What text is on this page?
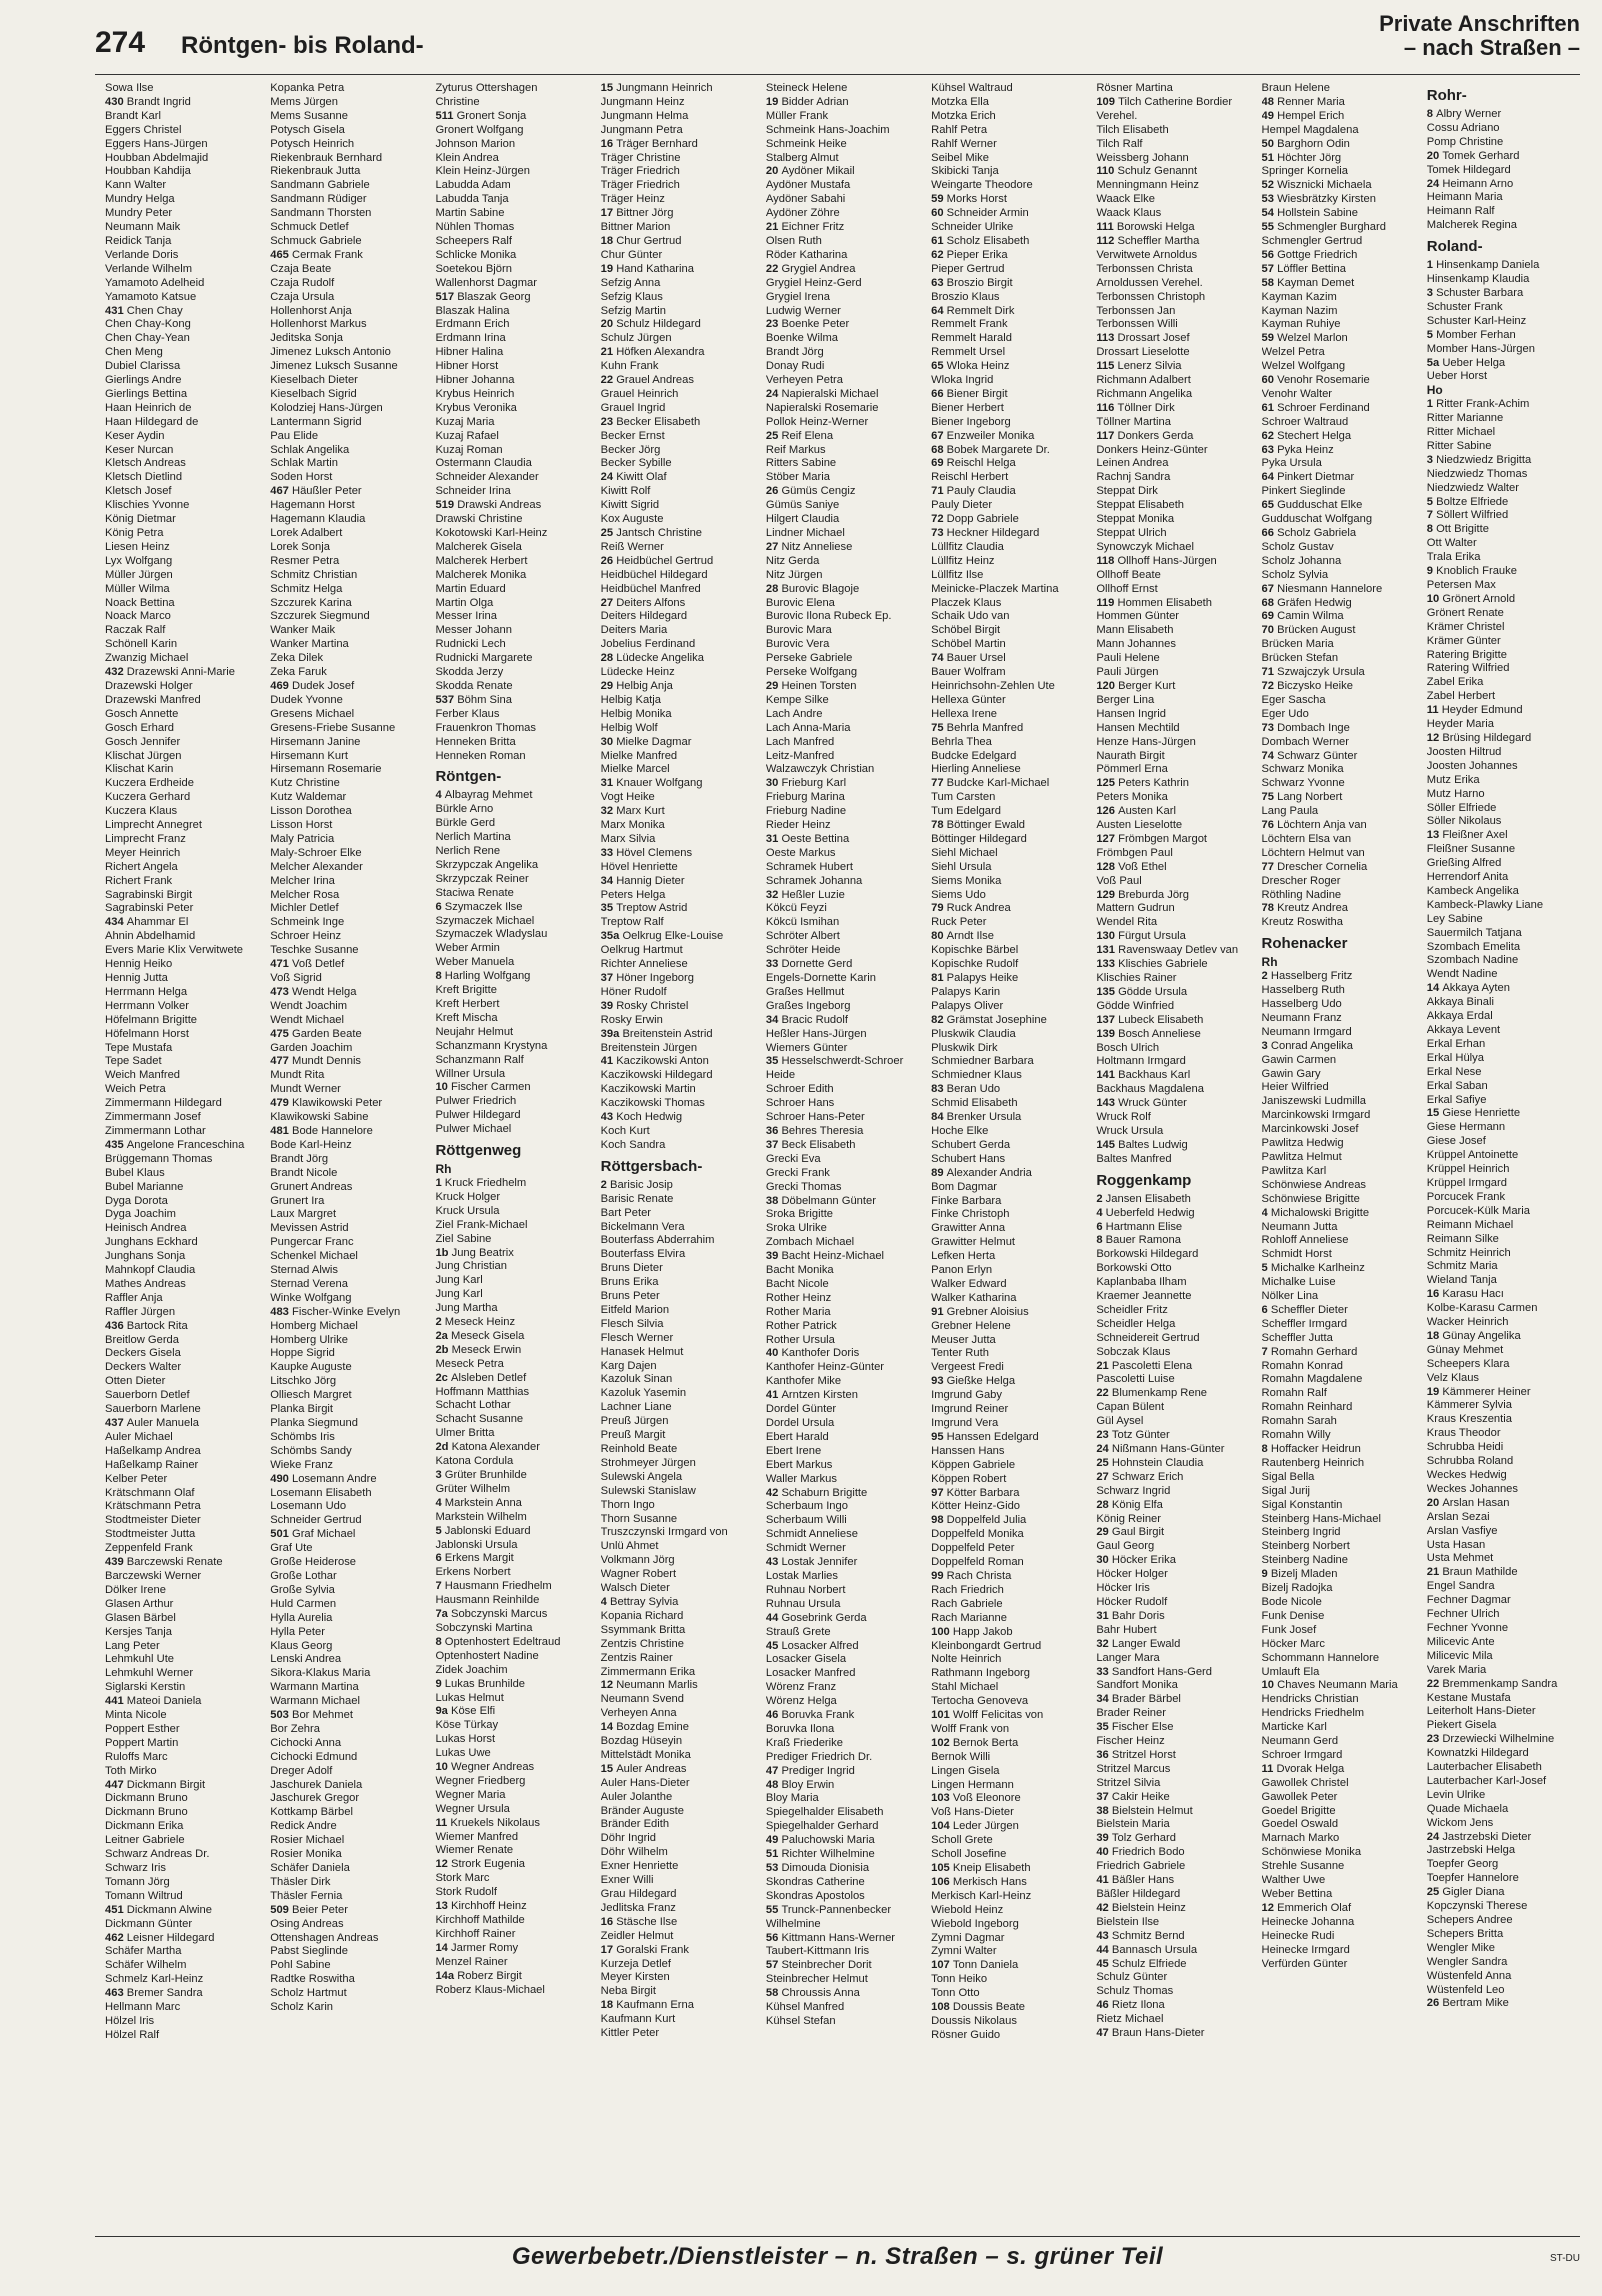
274 Röntgen- bis Roland-
Private Anschriften
– nach Straßen –
Sowa Ilse
430 Brandt Ingrid
Brandt Karl
Eggers Christel
Eggers Hans-Jürgen
Houbban Abdelmajid
Houbban Kahdija
Kann Walter
Mundry Helga
Mundry Peter
Neumann Maik
Reidick Tanja
Verlande Doris
Verlande Wilhelm
Yamamoto Adelheid
Yamamoto Katsue
431 Chen Chay
Chen Chay-Kong
Chen Chay-Yean
Chen Meng
Dubiel Clarissa
Gierlings Andre
Gierlings Bettina
Haan Heinrich de
Haan Hildegard de
Keser Aydin
Keser Nurcan
Kletsch Andreas
Kletsch Dietlind
Kletsch Josef
Klischies Yvonne
König Dietmar
König Petra
Liesen Heinz
Lyx Wolfgang
Müller Jürgen
Müller Wilma
Noack Bettina
Noack Marco
Raczak Ralf
Schönell Karin
Zwanzig Michael
432 Drazewski Anni-Marie
Drazewski Holger
Drazewski Manfred
Gosch Annette
Gosch Erhard
Gosch Jennifer
Klischat Jürgen
Klischat Karin
Kuczera Erdheide
Kuczera Gerhard
Kuczera Klaus
Limprecht Annegret
Limprecht Franz
Meyer Heinrich
Richert Angela
Richert Frank
Sagrabinski Birgit
Sagrabinski Peter
434 Ahammar El
Ahnin Abdelhamid
Evers Marie Klix Verwitwete
Hennig Heiko
Hennig Jutta
Herrmann Helga
Herrmann Volker
Höfelmann Brigitte
Höfelmann Horst
Tepe Mustafa
Tepe Sadet
Weich Manfred
Weich Petra
Zimmermann Hildegard
Zimmermann Josef
Zimmermann Lothar
435 Angelone Franceschina
Brüggemann Thomas
Bubel Klaus
Bubel Marianne
Dyga Dorota
Dyga Joachim
Heinisch Andrea
Junghans Eckhard
Junghans Sonja
Mahnkopf Claudia
Mathes Andreas
Raffler Anja
Raffler Jürgen
436 Bartock Rita
Breitlow Gerda
Deckers Gisela
Deckers Walter
Otten Dieter
Sauerborn Detlef
Sauerborn Marlene
437 Auler Manuela
Auler Michael
Haßelkamp Andrea
Haßelkamp Rainer
Kelber Peter
Krätschmann Olaf
Krätschmann Petra
Stodtmeister Dieter
Stodtmeister Jutta
Zeppenfeld Frank
439 Barczewski Renate
Barczewski Werner
Dölker Irene
Glasen Arthur
Glasen Bärbel
Kersjes Tanja
Lang Peter
Lehmkuhl Ute
Lehmkuhl Werner
Siglarski Kerstin
441 Mateoi Daniela
Minta Nicole
Poppert Esther
Poppert Martin
Ruloffs Marc
Toth Mirko
447 Dickmann Birgit
Dickmann Bruno
Dickmann Bruno
Dickmann Erika
Leitner Gabriele
Schwarz Andreas Dr.
Schwarz Iris
Tomann Jörg
Tomann Wiltrud
451 Dickmann Alwine
Dickmann Günter
462 Leisner Hildegard
Schäfer Martha
Schäfer Wilhelm
Schmelz Karl-Heinz
463 Bremer Sandra
Hellmann Marc
Hölzel Iris
Hölzel Ralf
Kopanka Petra
Mems Jürgen
Mems Susanne
Potysch Gisela
Potysch Heinrich
Riekenbrauk Bernhard
Riekenbrauk Jutta
Sandmann Gabriele
Sandmann Rüdiger
Sandmann Thorsten
Schmuck Detlef
Schmuck Gabriele
465 Cermak Frank
Czaja Beate
Czaja Rudolf
Czaja Ursula
Hollenhorst Anja
Hollenhorst Markus
Jeditska Sonja
Jimenez Luksch Antonio
Jimenez Luksch Susanne
Kieselbach Dieter
Kieselbach Sigrid
Kolodziej Hans-Jürgen
Lantermann Sigrid
Pau Elide
Schlak Angelika
Schlak Martin
Soden Horst
467 Häußler Peter
Hagemann Horst
Hagemann Klaudia
Lorek Adalbert
Lorek Sonja
Resmer Petra
Schmitz Christian
Schmitz Helga
Szczurek Karina
Szczurek Siegmund
Wanker Maik
Wanker Martina
Zeka Dilek
Zeka Faruk
469 Dudek Josef
Dudek Yvonne
Gresens Michael
Gresens-Friebe Susanne
Hirsemann Janine
Hirsemann Kurt
Hirsemann Rosemarie
Kutz Christine
Kutz Waldemar
Lisson Dorothea
Lisson Horst
Maly Patricia
Maly-Schroer Elke
Melcher Alexander
Melcher Irina
Melcher Rosa
Michler Detlef
Schmeink Inge
Schroer Heinz
Teschke Susanne
471 Voß Detlef
Voß Sigrid
473 Wendt Helga
Wendt Joachim
Wendt Michael
475 Garden Beate
Garden Joachim
477 Mundt Dennis
Mundt Rita
Mundt Werner
479 Klawikowski Peter
Klawikowski Sabine
481 Bode Hannelore
Bode Karl-Heinz
Brandt Jörg
Brandt Nicole
Grunert Andreas
Grunert Ira
Laux Margret
Mevissen Astrid
Pungercar Franc
Schenkel Michael
Sternad Alwis
Sternad Verena
Winke Wolfgang
483 Fischer-Winke Evelyn
Homberg Michael
Homberg Ulrike
Hoppe Sigrid
Kaupke Auguste
Litschko Jörg
Olliesch Margret
Planka Birgit
Planka Siegmund
Schömbs Iris
Schömbs Sandy
Wieke Franz
490 Losemann Andre
Losemann Elisabeth
Losemann Udo
Schneider Gertrud
501 Graf Michael
Graf Ute
Große Heiderose
Große Lothar
Große Sylvia
Huld Carmen
Hylla Aurelia
Hylla Peter
Klaus Georg
Lenski Andrea
Sikora-Klakus Maria
Warmann Martina
Warmann Michael
503 Bor Mehmet
Bor Zehra
Cichocki Anna
Cichocki Edmund
Dreger Adolf
Jaschurek Daniela
Jaschurek Gregor
Kottkamp Bärbel
Redick Andre
Rosier Michael
Rosier Monika
Schäfer Daniela
Thäsler Dirk
Thäsler Fernia
509 Beier Peter
Osing Andreas
Ottenshagen Andreas
Pabst Sieglinde
Pohl Sabine
Radtke Roswitha
Scholz Hartmut
Scholz Karin
Zyturus Ottershagen
Christine
511 Gronert Sonja
Gronert Wolfgang
Johnson Marion
Klein Andrea
Klein Heinz-Jürgen
Labudda Adam
Labudda Tanja
Martin Sabine
Nühlen Thomas
Scheepers Ralf
Schlicke Monika
Soetekou Björn
Wallenhorst Dagmar
517 Blaszak Georg
Blaszak Halina
Erdmann Erich
Erdmann Irina
Hibner Halina
Hibner Horst
Hibner Johanna
Krybus Heinrich
Krybus Veronika
Kuzaj Maria
Kuzaj Rafael
Kuzaj Roman
Ostermann Claudia
Schneider Alexander
Schneider Irina
519 Drawski Andreas
Drawski Christine
Kokotowski Karl-Heinz
Malcherek Gisela
Malcherek Herbert
Malcherek Monika
Martin Eduard
Martin Olga
Messer Irina
Messer Johann
Rudnicki Lech
Rudnicki Margarete
Skodda Jerzy
Skodda Renate
537 Böhm Sina
Ferber Klaus
Frauenkron Thomas
Henneken Britta
Henneken Roman
Röntgen-
4 Albayrag Mehmet
Bürkle Arno
Bürkle Gerd
Nerlich Martina
Nerlich Rene
Skrzypczak Angelika
Skrzypczak Reiner
Staciwa Renate
6 Szymaczek Ilse
Szymaczek Michael
Szymaczek Wladyslau
Weber Armin
Weber Manuela
8 Harling Wolfgang
Kreft Brigitte
Kreft Herbert
Kreft Mischa
Neujahr Helmut
Schanzmann Krystyna
Schanzmann Ralf
Willner Ursula
10 Fischer Carmen
Pulwer Friedrich
Pulwer Hildegard
Pulwer Michael
Röttgenweg
Rh
1 Kruck Friedhelm
Kruck Holger
Kruck Ursula
Ziel Frank-Michael
Ziel Sabine
1b Jung Beatrix
Jung Christian
Jung Karl
Jung Karl
Jung Martha
2 Meseck Heinz
2a Meseck Gisela
2b Meseck Erwin
Meseck Petra
2c Alsleben Detlef
Hoffmann Matthias
Schacht Lothar
Schacht Susanne
Ulmer Britta
2d Katona Alexander
Katona Cordula
3 Grüter Brunhilde
Grüter Wilhelm
4 Markstein Anna
Markstein Wilhelm
5 Jablonski Eduard
Jablonski Ursula
6 Erkens Margit
Erkens Norbert
7 Hausmann Friedhelm
Hausmann Reinhilde
7a Sobczynski Marcus
Sobczynski Martina
8 Optenhostert Edeltraud
Optenhostert Nadine
Zidek Joachim
9 Lukas Brunhilde
Lukas Helmut
9a Köse Elfi
Köse Türkay
Lukas Horst
Lukas Uwe
10 Wegner Andreas
Wegner Friedberg
Wegner Maria
Wegner Ursula
11 Kruekels Nikolaus
Wiemer Manfred
Wiemer Renate
12 Strork Eugenia
Stork Marc
Stork Rudolf
13 Kirchhoff Heinz
Kirchhoff Mathilde
Kirchhoff Rainer
14 Jarmer Romy
Menzel Rainer
14a Roberz Birgit
Roberz Klaus-Michael
15 Jungmann Heinrich
Jungmann Heinz
Jungmann Helma
Jungmann Petra
16 Träger Bernhard
Träger Christine
Träger Friedrich
Träger Friedrich
Träger Heinz
17 Bittner Jörg
Bittner Marion
18 Chur Gertrud
Chur Günter
19 Hand Katharina
Sefzig Anna
Sefzig Klaus
Sefzig Martin
20 Schulz Hildegard
Schulz Jürgen
21 Höfken Alexandra
Kuhn Frank
22 Grauel Andreas
Grauel Heinrich
Grauel Ingrid
23 Becker Elisabeth
Becker Ernst
Becker Jörg
Becker Sybille
24 Kiwitt Olaf
Kiwitt Rolf
Kiwitt Sigrid
Kox Auguste
25 Jantsch Christine
Reiß Werner
26 Heidbüchel Gertrud
Heidbüchel Hildegard
Heidbüchel Manfred
27 Deiters Alfons
Deiters Hildegard
Deiters Maria
Jobelius Ferdinand
28 Lüdecke Angelika
Lüdecke Heinz
29 Helbig Anja
Helbig Katja
Helbig Monika
Helbig Wolf
30 Mielke Dagmar
Mielke Manfred
Mielke Marcel
31 Knauer Wolfgang
Vogt Heike
32 Marx Kurt
Marx Monika
Marx Silvia
33 Hövel Clemens
Hövel Henriette
34 Hannig Dieter
Peters Helga
35 Treptow Astrid
Treptow Ralf
35a Oelkrug Elke-Louise
Oelkrug Hartmut
Richter Anneliese
37 Höner Ingeborg
Höner Rudolf
39 Rosky Christel
Rosky Erwin
39a Breitenstein Astrid
Breitenstein Jürgen
41 Kaczikowski Anton
Kaczikowski Hildegard
Kaczikowski Martin
Kaczikowski Thomas
43 Koch Hedwig
Koch Kurt
Koch Sandra
Röttgersbach-
2 Barisic Josip
Barisic Renate
Bart Peter
Bickelmann Vera
Bouterfass Abderrahim
Bouterfass Elvira
Bruns Dieter
Bruns Erika
Bruns Peter
Eitfeld Marion
Flesch Silvia
Flesch Werner
Hanasek Helmut
Karg Dajen
Kazoluk Sinan
Kazoluk Yasemin
Lachner Liane
Preuß Jürgen
Preuß Margit
Reinhold Beate
Strohmeyer Jürgen
Sulewski Angela
Sulewski Stanislaw
Thorn Ingo
Thorn Susanne
Truszczynski Irmgard von
Unlü Ahmet
Volkmann Jörg
Wagner Robert
Walsch Dieter
4 Bettray Sylvia
Kopania Richard
Ssymmank Britta
Zentzis Christine
Zentzis Rainer
Zimmermann Erika
12 Neumann Marlis
Neumann Svend
Verheyen Anna
14 Bozdag Emine
Bozdag Hüseyin
Mittelstädt Monika
15 Auler Andreas
Auler Hans-Dieter
Auler Jolanthe
Bränder Auguste
Bränder Edith
Döhr Ingrid
Döhr Wilhelm
Exner Henriette
Exner Willi
Grau Hildegard
Jedlitska Franz
16 Stäsche Ilse
Zeidler Helmut
17 Goralski Frank
Kurzeja Detlef
Meyer Kirsten
Neba Birgit
18 Kaufmann Erna
Kaufmann Kurt
Kittler Peter
Steineck Helene
19 Bidder Adrian
Müller Frank
Schmeink Hans-Joachim
Schmeink Heike
Stalberg Almut
20 Aydöner Mikail
Aydöner Mustafa
Aydöner Sabahi
Aydöner Zöhre
21 Eichner Fritz
Olsen Ruth
Röder Katharina
22 Grygiel Andrea
Grygiel Heinz-Gerd
Grygiel Irena
Ludwig Werner
23 Boenke Peter
Boenke Wilma
Brandt Jörg
Donay Rudi
Verheyen Petra
24 Napieralski Michael
Napieralski Rosemarie
Pollok Heinz-Werner
25 Reif Elena
Reif Markus
Ritters Sabine
Stöber Maria
26 Gümüs Cengiz
Gümüs Saniye
Hilgert Claudia
Lindner Michael
27 Nitz Anneliese
Nitz Gerda
Nitz Jürgen
28 Burovic Blagoje
Burovic Elena
Burovic Ilona Rubeck Ep.
Burovic Mara
Burovic Vera
Perseke Gabriele
Perseke Wolfgang
29 Heinen Torsten
Kempe Silke
Lach Andre
Lach Anna-Maria
Lach Manfred
Leitz-Manfred
Walzawczyk Christian
30 Frieburg Karl
Frieburg Marina
Frieburg Nadine
Rieder Heinz
31 Oeste Bettina
Oeste Markus
Schramek Hubert
Schramek Johanna
32 Heßler Luzie
Kökcü Feyzi
Kökcü Ismihan
Schröter Albert
Schröter Heide
33 Dornette Gerd
Engels-Dornette Karin
Graßes Hellmut
Graßes Ingeborg
34 Bracic Rudolf
Heßler Hans-Jürgen
Wiemers Günter
35 Hesselschwerdt-Schroer
Heide
Schroer Edith
Schroer Hans
Schroer Hans-Peter
36 Behres Theresia
37 Beck Elisabeth
Grecki Eva
Grecki Frank
Grecki Thomas
38 Döbelmann Günter
Sroka Brigitte
Sroka Ulrike
Zombach Michael
39 Bacht Heinz-Michael
Bacht Monika
Bacht Nicole
Rother Heinz
Rother Maria
Rother Patrick
Rother Ursula
40 Kanthofer Doris
Kanthofer Heinz-Günter
Kanthofer Mike
41 Arntzen Kirsten
Dordel Günter
Dordel Ursula
Ebert Harald
Ebert Irene
Ebert Markus
Waller Markus
42 Schaburn Brigitte
Scherbaum Ingo
Scherbaum Willi
Schmidt Anneliese
Schmidt Werner
43 Lostak Jennifer
Lostak Marlies
Ruhnau Norbert
Ruhnau Ursula
44 Gosebrink Gerda
Strauß Grete
45 Losacker Alfred
Losacker Gisela
Losacker Manfred
Wörenz Franz
Wörenz Helga
46 Boruvka Frank
Boruvka Ilona
Kraß Friederike
Prediger Friedrich Dr.
47 Prediger Ingrid
48 Bloy Erwin
Bloy Maria
Spiegelhalder Elisabeth
Spiegelhalder Gerhard
49 Paluchowski Maria
51 Richter Wilhelmine
53 Dimouda Dionisia
Skondras Catherine
Skondras Apostolos
55 Trunck-Pannenbecker
Wilhelmine
56 Kittmann Hans-Werner
Taubert-Kittmann Iris
57 Steinbrecher Dorit
Steinbrecher Helmut
58 Chroussis Anna
Kühsel Manfred
Kühsel Stefan
Kühsel Waltraud
Motzka Ella
Motzka Erich
Rahlf Petra
Rahlf Werner
Seibel Mike
Skibicki Tanja
Weingarte Theodore
59 Morks Horst
60 Schneider Armin
Schneider Ulrike
61 Scholz Elisabeth
62 Pieper Erika
Pieper Gertrud
63 Broszio Birgit
Broszio Klaus
64 Remmelt Dirk
Remmelt Frank
Remmelt Harald
Remmelt Ursel
65 Wloka Heinz
Wloka Ingrid
66 Biener Birgit
Biener Herbert
Biener Ingeborg
67 Enzweiler Monika
68 Bobek Margarete Dr.
69 Reischl Helga
Reischl Herbert
71 Pauly Claudia
Pauly Dieter
72 Dopp Gabriele
73 Heckner Hildegard
Lüllfitz Claudia
Lüllfitz Heinz
Lüllfitz Ilse
Meinicke-Placzek Martina
Placzek Klaus
Schaik Udo van
Schöbel Birgit
Schöbel Martin
74 Bauer Ursel
Bauer Wolfram
Heinrichsohn-Zehlen Ute
Hellexa Günter
Hellexa Irene
75 Behrla Manfred
Behrla Thea
Budcke Edelgard
Hierling Anneliese
77 Budcke Karl-Michael
Tum Carsten
Tum Edelgard
78 Böttinger Ewald
Böttinger Hildegard
Siehl Michael
Siehl Ursula
Siems Monika
Siems Udo
79 Ruck Andrea
Ruck Peter
80 Arndt Ilse
Kopischke Bärbel
Kopischke Rudolf
81 Palapys Heike
Palapys Karin
Palapys Oliver
82 Grämstat Josephine
Pluskwik Claudia
Pluskwik Dirk
Schmiedner Barbara
Schmiedner Klaus
83 Beran Udo
Schmid Elisabeth
84 Brenker Ursula
Hoche Elke
Schubert Gerda
Schubert Hans
89 Alexander Andria
Bom Dagmar
Finke Barbara
Finke Christoph
Grawitter Anna
Grawitter Helmut
Lefken Herta
Panon Erlyn
Walker Edward
Walker Katharina
91 Grebner Aloisius
Grebner Helene
Meuser Jutta
Tenter Ruth
Vergeest Fredi
93 Gießke Helga
Imgrund Gaby
Imgrund Reiner
Imgrund Vera
95 Hanssen Edelgard
Hanssen Hans
Köppen Gabriele
Köppen Robert
97 Kötter Barbara
Kötter Heinz-Gido
98 Doppelfeld Julia
Doppelfeld Monika
Doppelfeld Peter
Doppelfeld Roman
99 Rach Christa
Rach Friedrich
Rach Gabriele
Rach Marianne
100 Happ Jakob
Kleinbongardt Gertrud
Nolte Heinrich
Rathmann Ingeborg
Stahl Michael
Tertocha Genoveva
101 Wolff Felicitas von
Wolff Frank von
102 Bernok Berta
Bernok Willi
Lingen Gisela
Lingen Hermann
103 Voß Eleonore
Voß Hans-Dieter
104 Leder Jürgen
Scholl Grete
Scholl Josefine
105 Kneip Elisabeth
106 Merkisch Hans
Merkisch Karl-Heinz
Wiebold Heinz
Wiebold Ingeborg
Zymni Dagmar
Zymni Walter
107 Tonn Daniela
Tonn Heiko
Tonn Otto
108 Doussis Beate
Doussis Nikolaus
Rösner Guido
Rösner Martina
109 Tilch Catherine Bordier
Verehel.
Tilch Elisabeth
Tilch Ralf
Weissberg Johann
110 Schulz Genannt
Menningmann Heinz
Waack Elke
Waack Klaus
111 Borowski Helga
112 Scheffler Martha
Verwitwete Arnoldus
Terbonssen Christa
Arnoldussen Verehel.
Terbonssen Christoph
Terbonssen Jan
Terbonssen Willi
113 Drossart Josef
Drossart Lieselotte
115 Lenerz Silvia
Richmann Adalbert
Richmann Angelika
116 Töllner Dirk
Töllner Martina
117 Donkers Gerda
Donkers Heinz-Günter
Leinen Andrea
Rachnj Sandra
Steppat Dirk
Steppat Elisabeth
Steppat Monika
Steppat Ulrich
Synowczyk Michael
118 Ollhoff Hans-Jürgen
Ollhoff Beate
Ollhoff Ernst
119 Hommen Elisabeth
Hommen Günter
Mann Elisabeth
Mann Johannes
Pauli Helene
Pauli Jürgen
120 Berger Kurt
Berger Lina
Hansen Ingrid
Hansen Mechtild
Henze Hans-Jürgen
Naurath Birgit
Pömmerl Erna
125 Peters Kathrin
Peters Monika
126 Austen Karl
Austen Lieselotte
127 Frömbgen Margot
Frömbgen Paul
128 Voß Ethel
Voß Paul
129 Breburda Jörg
Mattern Gudrun
Wendel Rita
130 Fürgut Ursula
131 Ravenswaay Detlev van
133 Klischies Gabriele
Klischies Rainer
135 Gödde Ursula
Gödde Winfried
137 Lubeck Elisabeth
139 Bosch Anneliese
Bosch Ulrich
Holtmann Irmgard
141 Backhaus Karl
Backhaus Magdalena
143 Wruck Günter
Wruck Rolf
Wruck Ursula
145 Baltes Ludwig
Baltes Manfred
Roggenkamp
2 Jansen Elisabeth
4 Ueberfeld Hedwig
6 Hartmann Elise
8 Bauer Ramona
Borkowski Hildegard
Borkowski Otto
Kaplanbaba Ilham
Kraemer Jeannette
Scheidler Fritz
Scheidler Helga
Schneidereit Gertrud
Sobczak Klaus
21 Pascoletti Elena
Pascoletti Luise
22 Blumenkamp Rene
Capan Bülent
Gül Aysel
23 Totz Günter
24 Nißmann Hans-Günter
25 Hohnstein Claudia
27 Schwarz Erich
Schwarz Ingrid
28 König Elfa
König Reiner
29 Gaul Birgit
Gaul Georg
30 Höcker Erika
Höcker Holger
Höcker Iris
Höcker Rudolf
31 Bahr Doris
Bahr Hubert
32 Langer Ewald
Langer Mara
33 Sandfort Hans-Gerd
Sandfort Monika
34 Brader Bärbel
Brader Reiner
35 Fischer Else
Fischer Heinz
36 Stritzel Horst
Stritzel Marcus
Stritzel Silvia
37 Cakir Heike
38 Bielstein Helmut
Bielstein Maria
39 Tolz Gerhard
40 Friedrich Bodo
Friedrich Gabriele
41 Bäßler Hans
Bäßler Hildegard
42 Bielstein Heinz
Bielstein Ilse
43 Schmitz Bernd
44 Bannasch Ursula
45 Schulz Elfriede
Schulz Günter
Schulz Thomas
46 Rietz Ilona
Rietz Michael
47 Braun Hans-Dieter
Braun Helene
48 Renner Maria
49 Hempel Erich
Hempel Magdalena
50 Barghorn Odin
51 Höchter Jörg
Springer Kornelia
52 Wisznicki Michaela
53 Wiesbrätzky Kirsten
54 Hollstein Sabine
55 Schmengler Burghard
Schmengler Gertrud
56 Gottge Friedrich
57 Löffler Bettina
58 Kayman Demet
Kayman Kazim
Kayman Nazim
Kayman Ruhiye
59 Welzel Marlon
Welzel Petra
Welzel Wolfgang
60 Venohr Rosemarie
Venohr Walter
61 Schroer Ferdinand
Schroer Waltraud
62 Stechert Helga
63 Pyka Heinz
Pyka Ursula
64 Pinkert Dietmar
Pinkert Sieglinde
65 Gudduschat Elke
Gudduschat Wolfgang
66 Scholz Gabriela
Scholz Gustav
Scholz Johanna
Scholz Sylvia
67 Niesmann Hannelore
68 Gräfen Hedwig
69 Camin Wilma
70 Brücken August
Brücken Maria
Brücken Stefan
71 Szwajczyk Ursula
72 Biczysko Heike
Eger Sascha
Eger Udo
73 Dombach Inge
Dombach Werner
74 Schwarz Günter
Schwarz Monika
Schwarz Yvonne
75 Lang Norbert
Lang Paula
76 Löchtern Anja van
Löchtern Elsa van
Löchtern Helmut van
77 Drescher Cornelia
Drescher Roger
Röthling Nadine
78 Kreutz Andrea
Kreutz Roswitha
Rohenacker
Rh
2 Hasselberg Fritz
Hasselberg Ruth
Hasselberg Udo
Neumann Franz
Neumann Irmgard
3 Conrad Angelika
Gawin Carmen
Gawin Gary
Heier Wilfried
Janiszewski Ludmilla
Marcinkowski Irmgard
Marcinkowski Josef
Pawlitza Hedwig
Pawlitza Helmut
Pawlitza Karl
Schönwiese Andreas
Schönwiese Brigitte
4 Michalowski Brigitte
Neumann Jutta
Rohloff Anneliese
Schmidt Horst
5 Michalke Karlheinz
Michalke Luise
Nölker Lina
6 Scheffler Dieter
Scheffler Irmgard
Scheffler Jutta
7 Romahn Gerhard
Romahn Konrad
Romahn Magdalene
Romahn Ralf
Romahn Reinhard
Romahn Sarah
Romahn Willy
8 Hoffacker Heidrun
Rautenberg Heinrich
Sigal Bella
Sigal Jurij
Sigal Konstantin
Steinberg Hans-Michael
Steinberg Ingrid
Steinberg Norbert
Steinberg Nadine
9 Bizelj Mladen
Bizelj Radojka
Bode Nicole
Funk Denise
Funk Josef
Höcker Marc
Schommann Hannelore
Umlauft Ela
10 Chaves Neumann Maria
Hendricks Christian
Hendricks Friedhelm
Marticke Karl
Neumann Gerd
Schroer Irmgard
11 Dvorak Helga
Gawollek Christel
Gawollek Peter
Goedel Brigitte
Goedel Oswald
Marnach Marko
Schönwiese Monika
Strehle Susanne
Walther Uwe
Weber Bettina
12 Emmerich Olaf
Heinecke Johanna
Heinecke Rudi
Heinecke Irmgard
Verfürden Günter
Rohr-
8 Albry Werner
Cossu Adriano
Pomp Christine
20 Tomek Gerhard
Tomek Hildegard
24 Heimann Arno
Heimann Maria
Heimann Ralf
Malcherek Regina
Roland-
1 Hinsenkamp Daniela
Hinsenkamp Klaudia
3 Schuster Barbara
Schuster Frank
Schuster Karl-Heinz
5 Momber Ferhan
Momber Hans-Jürgen
5a Ueber Helga
Ueber Horst
Ho
1 Ritter Frank-Achim
Ritter Marianne
Ritter Michael
Ritter Sabine
3 Niedzwiedz Brigitta
Niedzwiedz Thomas
Niedzwiedz Walter
5 Boltze Elfriede
7 Söllert Wilfried
8 Ott Brigitte
Ott Walter
Trala Erika
9 Knoblich Frauke
Petersen Max
10 Grönert Arnold
Grönert Renate
Krämer Christel
Krämer Günter
Ratering Brigitte
Ratering Wilfried
Zabel Erika
Zabel Herbert
11 Heyder Edmund
Heyder Maria
12 Brüsing Hildegard
Joosten Hiltrud
Joosten Johannes
Mutz Erika
Mutz Harno
Söller Elfriede
Söller Nikolaus
13 Fleißner Axel
Fleißner Susanne
Grießing Alfred
Herrendorf Anita
Kambeck Angelika
Kambeck-Plawky Liane
Ley Sabine
Sauermilch Tatjana
Szombach Emelita
Szombach Nadine
Wendt Nadine
14 Akkaya Ayten
Akkaya Binali
Akkaya Erdal
Akkaya Levent
Erkal Erhan
Erkal Hülya
Erkal Nese
Erkal Saban
Erkal Safiye
15 Giese Henriette
Giese Hermann
Giese Josef
Krüppel Antoinette
Krüppel Heinrich
Krüppel Irmgard
Porcucek Frank
Porcucek-Külk Maria
Reimann Michael
Reimann Silke
Schmitz Heinrich
Schmitz Maria
Wieland Tanja
16 Karasu Hacı
Kolbe-Karasu Carmen
Wacker Heinrich
18 Günay Angelika
Günay Mehmet
Scheepers Klara
Velz Klaus
19 Kämmerer Heiner
Kämmerer Sylvia
Kraus Kreszentia
Kraus Theodor
Schrubba Heidi
Schrubba Roland
Weckes Hedwig
Weckes Johannes
20 Arslan Hasan
Arslan Sezai
Arslan Vasfiye
Usta Hasan
Usta Mehmet
21 Braun Mathilde
Engel Sandra
Fechner Dagmar
Fechner Ulrich
Fechner Yvonne
Milicevic Ante
Milicevic Mila
Varek Maria
22 Bremmenkamp Sandra
Kestane Mustafa
Leiterholt Hans-Dieter
Piekert Gisela
23 Drzewiecki Wilhelmine
Kownatzki Hildegard
Lauterbacher Elisabeth
Lauterbacher Karl-Josef
Levin Ulrike
Quade Michaela
Wickom Jens
24 Jastrzebski Dieter
Jastrzebski Helga
Toepfer Georg
Toepfer Hannelore
25 Gigler Diana
Kopczynski Therese
Schepers Andree
Schepers Britta
Wengler Mike
Wengler Sandra
Wüstenfeld Anna
Wüstenfeld Leo
26 Bertram Mike
Gewerbebetr./Dienstleister – n. Straßen – s. grüner Teil	ST-DU
